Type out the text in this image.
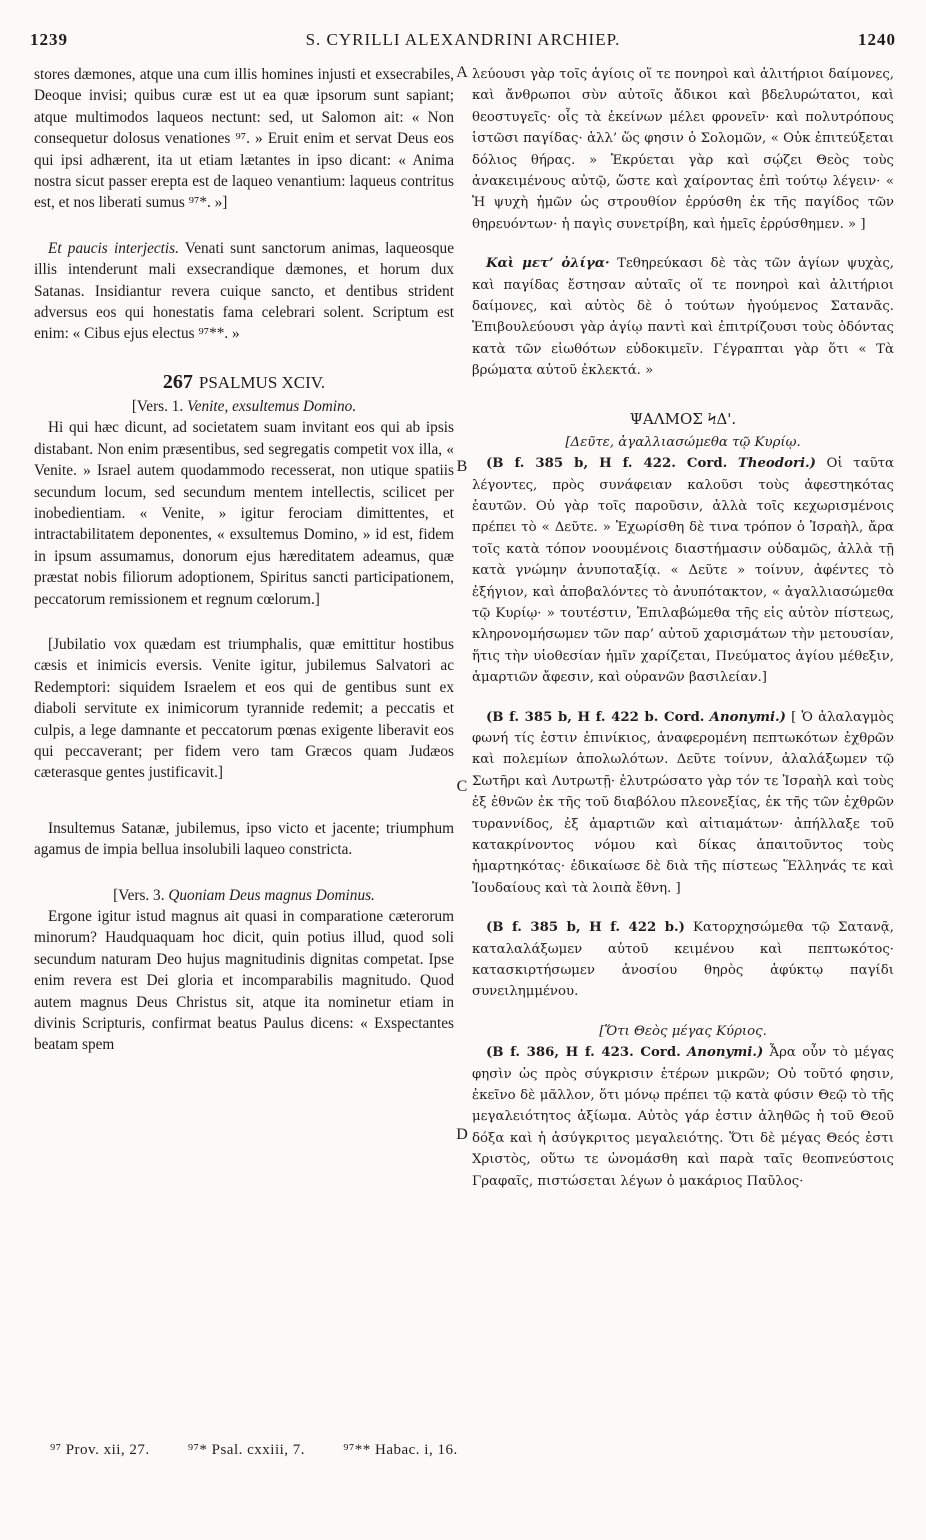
1239	S. CYRILLI ALEXANDRINI ARCHIEP.	1240
A
B
C
D

stores dæmones, atque una cum illis homines injusti et exsecrabiles, Deoque invisi; quibus curæ est ut ea quæ ipsorum sunt sapiant; atque multimodos laqueos nectunt: sed, ut Salomon ait: « Non consequetur dolosus venationes ⁹⁷. » Eruit enim et servat Deus eos qui ipsi adhærent, ita ut etiam lætantes in ipso dicant: « Anima nostra sicut passer erepta est de laqueo venantium: laqueus contritus est, et nos liberati sumus ⁹⁷*. »]

Et paucis interjectis. Venati sunt sanctorum animas, laqueosque illis intenderunt mali exsecrandique dæmones, et horum dux Satanas. Insidiantur revera cuique sancto, et dentibus strident adversus eos qui honestatis fama celebrari solent. Scriptum est enim: « Cibus ejus electus ⁹⁷**. »

267 PSALMUS XCIV.

[Vers. 1. Venite, exsultemus Domino.

Hi qui hæc dicunt, ad societatem suam invitant eos qui ab ipsis distabant. Non enim præsentibus, sed segregatis competit vox illa, « Venite. » Israel autem quodammodo recesserat, non utique spatiis secundum locum, sed secundum mentem intellectis, scilicet per inobedientiam. « Venite, » igitur ferociam dimittentes, et intractabilitatem deponentes, « exsultemus Domino, » id est, fidem in ipsum assumamus, donorum ejus hæreditatem adeamus, quæ præstat nobis filiorum adoptionem, Spiritus sancti participationem, peccatorum remissionem et regnum cœlorum.]

[Jubilatio vox quædam est triumphalis, quæ emittitur hostibus cæsis et inimicis eversis. Venite igitur, jubilemus Salvatori ac Redemptori: siquidem Israelem et eos qui de gentibus sunt ex diaboli servitute ex inimicorum tyrannide redemit; a peccatis et culpis, a lege damnante et peccatorum pœnas exigente liberavit eos qui peccaverant; per fidem vero tam Græcos quam Judæos cæterasque gentes justificavit.]

Insultemus Satanæ, jubilemus, ipso victo et jacente; triumphum agamus de impia bellua insolubili laqueo constricta.

[Vers. 3. Quoniam Deus magnus Dominus.

Ergone igitur istud magnus ait quasi in comparatione cæterorum minorum? Haudquaquam hoc dicit, quin potius illud, quod soli secundum naturam Deo hujus magnitudinis dignitas competat. Ipse enim revera est Dei gloria et incomparabilis magnitudo. Quod autem magnus Deus Christus sit, atque ita nominetur etiam in divinis Scripturis, confirmat beatus Paulus dicens: « Exspectantes beatam spem

λεύουσι γὰρ τοῖς ἁγίοις οἵ τε πονηροὶ καὶ ἀλιτήριοι δαίμονες, καὶ ἄνθρωποι σὺν αὐτοῖς ἄδικοι καὶ βδελυρώτατοι, καὶ θεοστυγεῖς· οἷς τὰ ἐκείνων μέλει φρονεῖν· καὶ πολυτρόπους ἱστῶσι παγίδας· ἀλλ’ ὥς φησιν ὁ Σολομῶν, « Οὐκ ἐπιτεύξεται δόλιος θήρας. » Ἐκρύεται γὰρ καὶ σῴζει Θεὸς τοὺς ἀνακειμένους αὐτῷ, ὥστε καὶ χαίροντας ἐπὶ τούτῳ λέγειν· « Ἡ ψυχὴ ἡμῶν ὡς στρουθίον ἐρρύσθη ἐκ τῆς παγίδος τῶν θηρευόντων· ἡ παγὶς συνετρίβη, καὶ ἡμεῖς ἐρρύσθημεν. » ]

Καὶ μετ’ ὀλίγα· Τεθηρεύκασι δὲ τὰς τῶν ἁγίων ψυχὰς, καὶ παγίδας ἔστησαν αὐταῖς οἵ τε πονηροὶ καὶ ἀλιτήριοι δαίμονες, καὶ αὐτὸς δὲ ὁ τούτων ἡγούμενος Σατανᾶς. Ἐπιβουλεύουσι γὰρ ἁγίῳ παντὶ καὶ ἐπιτρίζουσι τοὺς ὀδόντας κατὰ τῶν εἰωθότων εὐδοκιμεῖν. Γέγραπται γὰρ ὅτι « Τὰ βρώματα αὐτοῦ ἐκλεκτά. »

ΨΑΛΜΟΣ ϞΔ'.

[Δεῦτε, ἀγαλλιασώμεθα τῷ Κυρίῳ.

(B f. 385 b, H f. 422. Cord. Theodori.) Οἱ ταῦτα λέγοντες, πρὸς συνάφειαν καλοῦσι τοὺς ἀφεστηκότας ἑαυτῶν. Οὐ γὰρ τοῖς παροῦσιν, ἀλλὰ τοῖς κεχωρισμένοις πρέπει τὸ « Δεῦτε. » Ἐχωρίσθη δὲ τινα τρόπον ὁ Ἰσραὴλ, ἄρα τοῖς κατὰ τόπον νοουμένοις διαστήμασιν οὐδαμῶς, ἀλλὰ τῇ κατὰ γνώμην ἀνυποταξίᾳ. « Δεῦτε » τοίνυν, ἀφέντες τὸ ἐξήγιον, καὶ ἀποβαλόντες τὸ ἀνυπότακτον, « ἀγαλλιασώμεθα τῷ Κυρίῳ· » τουτέστιν, Ἐπιλαβώμεθα τῆς εἰς αὐτὸν πίστεως, κληρονομήσωμεν τῶν παρ’ αὐτοῦ χαρισμάτων τὴν μετουσίαν, ἥτις τὴν υἱοθεσίαν ἡμῖν χαρίζεται, Πνεύματος ἁγίου μέθεξιν, ἁμαρτιῶν ἄφεσιν, καὶ οὐρανῶν βασιλείαν.]

(B f. 385 b, H f. 422 b. Cord. Anonymi.) [ Ὁ ἀλαλαγμὸς φωνή τίς ἐστιν ἐπινίκιος, ἀναφερομένη πεπτωκότων ἐχθρῶν καὶ πολεμίων ἀπολωλότων. Δεῦτε τοίνυν, ἀλαλάξωμεν τῷ Σωτῆρι καὶ Λυτρωτῇ· ἐλυτρώσατο γὰρ τόν τε Ἰσραὴλ καὶ τοὺς ἐξ ἐθνῶν ἐκ τῆς τοῦ διαβόλου πλεονεξίας, ἐκ τῆς τῶν ἐχθρῶν τυραννίδος, ἐξ ἁμαρτιῶν καὶ αἰτιαμάτων· ἀπήλλαξε τοῦ κατακρίνοντος νόμου καὶ δίκας ἀπαιτοῦντος τοὺς ἡμαρτηκότας· ἐδικαίωσε δὲ διὰ τῆς πίστεως Ἕλληνάς τε καὶ Ἰουδαίους καὶ τὰ λοιπὰ ἔθνη. ]

(B f. 385 b, H f. 422 b.) Κατορχησώμεθα τῷ Σατανᾷ, καταλαλάξωμεν αὐτοῦ κειμένου καὶ πεπτωκότος· κατασκιρτήσωμεν ἀνοσίου θηρὸς ἀφύκτῳ παγίδι συνειλημμένου.

[Ὅτι Θεὸς μέγας Κύριος.

(B f. 386, H f. 423. Cord. Anonymi.) Ἆρα οὖν τὸ μέγας φησὶν ὡς πρὸς σύγκρισιν ἑτέρων μικρῶν; Οὐ τοῦτό φησιν, ἐκεῖνο δὲ μᾶλλον, ὅτι μόνῳ πρέπει τῷ κατὰ φύσιν Θεῷ τὸ τῆς μεγαλειότητος ἀξίωμα. Αὐτὸς γάρ ἐστιν ἀληθῶς ἡ τοῦ Θεοῦ δόξα καὶ ἡ ἀσύγκριτος μεγαλειότης. Ὅτι δὲ μέγας Θεός ἐστι Χριστὸς, οὕτω τε ὠνομάσθη καὶ παρὰ ταῖς θεοπνεύστοις Γραφαῖς, πιστώσεται λέγων ὁ μακάριος Παῦλος·

⁹⁷ Prov. xii, 27.	⁹⁷* Psal. cxxiii, 7.	⁹⁷** Habac. i, 16.
